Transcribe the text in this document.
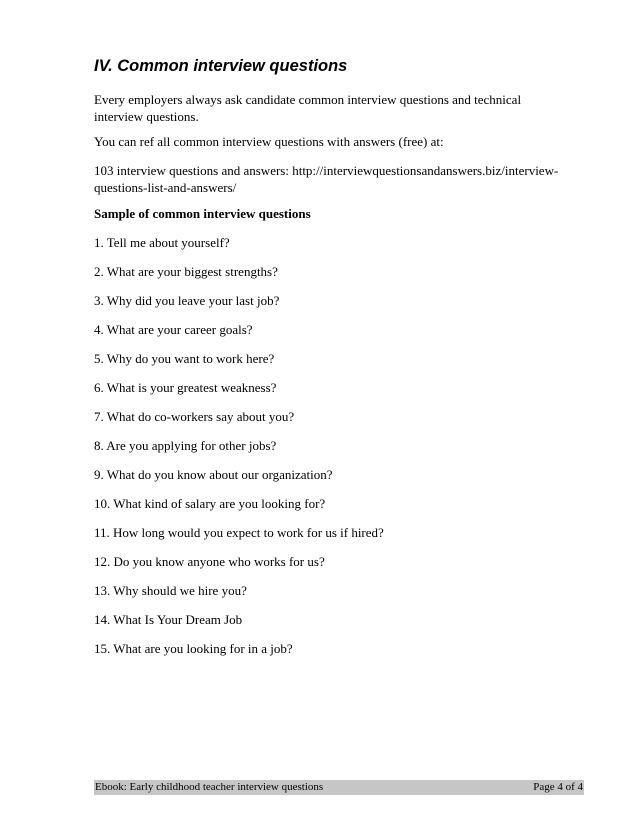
IV. Common interview questions

Every employers always ask candidate common interview questions and technical interview questions.

You can ref all common interview questions with answers (free) at:

103 interview questions and answers: http://interviewquestionsandanswers.biz/interview-questions-list-and-answers/

Sample of common interview questions

1. Tell me about yourself?
2. What are your biggest strengths?
3. Why did you leave your last job?
4. What are your career goals?
5. Why do you want to work here?
6. What is your greatest weakness?
7. What do co-workers say about you?
8. Are you applying for other jobs?
9. What do you know about our organization?
10. What kind of salary are you looking for?
11. How long would you expect to work for us if hired?
12. Do you know anyone who works for us?
13. Why should we hire you?
14. What Is Your Dream Job
15. What are you looking for in a job?
Ebook: Early childhood teacher interview questions	Page 4 of 4
